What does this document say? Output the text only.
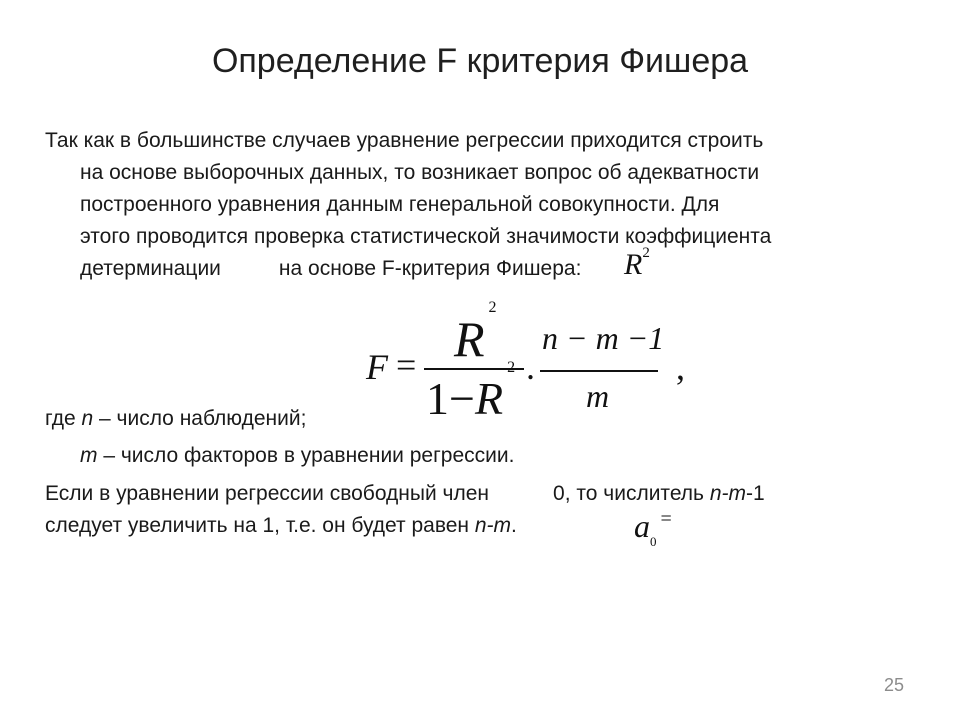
Определение F критерия Фишера
Так как в большинстве случаев уравнение регрессии приходится строить
на основе выборочных данных, то возникает вопрос об адекватности
построенного уравнения данным генеральной совокупности. Для
этого проводится проверка статистической значимости коэффициента
детерминации	на основе F-критерия Фишера:	$R^2$
$F = R^2$
$1-R^2$ .
n − m −1
m
,
где n – число наблюдений;
m – число факторов в уравнении регрессии.
Если в уравнении регрессии свободный член	0, то числитель n-m-1
следует увеличить на 1, т.е. он будет равен n-m.	$a_0^=$
25
